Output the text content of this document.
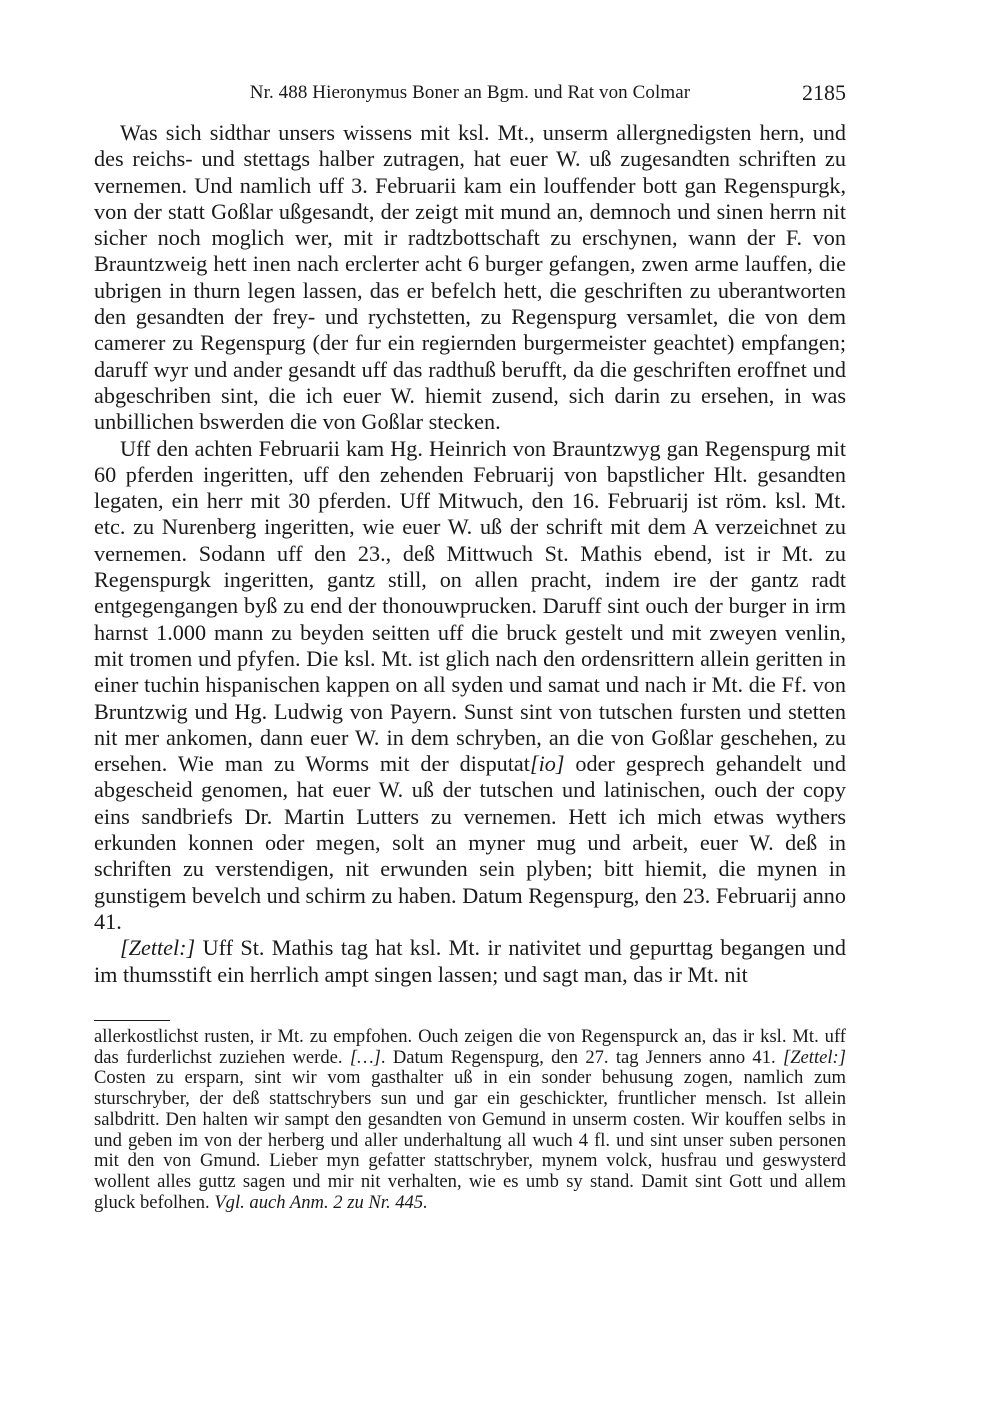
Nr. 488 Hieronymus Boner an Bgm. und Rat von Colmar	2185

Was sich sidthar unsers wissens mit ksl. Mt., unserm allergnedigsten hern, und des reichs- und stettags halber zutragen, hat euer W. uß zugesandten schriften zu vernemen. Und namlich uff 3. Februarii kam ein louffender bott gan Regenspurgk, von der statt Goßlar ußgesandt, der zeigt mit mund an, demnoch und sinen herrn nit sicher noch moglich wer, mit ir radtzbottschaft zu erschynen, wann der F. von Brauntzweig hett inen nach erclerter acht 6 burger gefangen, zwen arme lauffen, die ubrigen in thurn legen lassen, das er befelch hett, die geschriften zu uberantworten den gesandten der frey- und rychstetten, zu Regenspurg versamlet, die von dem camerer zu Regenspurg (der fur ein regiernden burgermeister geachtet) empfangen; daruff wyr und ander gesandt uff das radthuß berufft, da die geschriften eroffnet und abgeschriben sint, die ich euer W. hiemit zusend, sich darin zu ersehen, in was unbillichen bswerden die von Goßlar stecken.

Uff den achten Februarii kam Hg. Heinrich von Brauntzwyg gan Regenspurg mit 60 pferden ingeritten, uff den zehenden Februarij von bapstlicher Hlt. gesandten legaten, ein herr mit 30 pferden. Uff Mitwuch, den 16. Februarij ist röm. ksl. Mt. etc. zu Nurenberg ingeritten, wie euer W. uß der schrift mit dem A verzeichnet zu vernemen. Sodann uff den 23., deß Mittwuch St. Mathis ebend, ist ir Mt. zu Regenspurgk ingeritten, gantz still, on allen pracht, indem ire der gantz radt entgegengangen byß zu end der thonouwprucken. Daruff sint ouch der burger in irm harnst 1.000 mann zu beyden seitten uff die bruck gestelt und mit zweyen venlin, mit tromen und pfyfen. Die ksl. Mt. ist glich nach den ordensrittern allein geritten in einer tuchin hispanischen kappen on all syden und samat und nach ir Mt. die Ff. von Bruntzwig und Hg. Ludwig von Payern. Sunst sint von tutschen fursten und stetten nit mer ankomen, dann euer W. in dem schryben, an die von Goßlar geschehen, zu ersehen. Wie man zu Worms mit der disputat[io] oder gesprech gehandelt und abgescheid genomen, hat euer W. uß der tutschen und latinischen, ouch der copy eins sandbriefs Dr. Martin Lutters zu vernemen. Hett ich mich etwas wythers erkunden konnen oder megen, solt an myner mug und arbeit, euer W. deß in schriften zu verstendigen, nit erwunden sein plyben; bitt hiemit, die mynen in gunstigem bevelch und schirm zu haben. Datum Regenspurg, den 23. Februarij anno 41.

[Zettel:] Uff St. Mathis tag hat ksl. Mt. ir nativitet und gepurttag begangen und im thumsstift ein herrlich ampt singen lassen; und sagt man, das ir Mt. nit

allerkostlichst rusten, ir Mt. zu empfohen. Ouch zeigen die von Regenspurck an, das ir ksl. Mt. uff das furderlichst zuziehen werde. […]. Datum Regenspurg, den 27. tag Jenners anno 41. [Zettel:] Costen zu ersparn, sint wir vom gasthalter uß in ein sonder behusung zogen, namlich zum sturschryber, der deß stattschrybers sun und gar ein geschickter, fruntlicher mensch. Ist allein salbdritt. Den halten wir sampt den gesandten von Gemund in unserm costen. Wir kouffen selbs in und geben im von der herberg und aller underhaltung all wuch 4 fl. und sint unser suben personen mit den von Gmund. Lieber myn gefatter stattschryber, mynem volck, husfrau und geswysterd wollent alles guttz sagen und mir nit verhalten, wie es umb sy stand. Damit sint Gott und allem gluck befolhen. Vgl. auch Anm. 2 zu Nr. 445.
